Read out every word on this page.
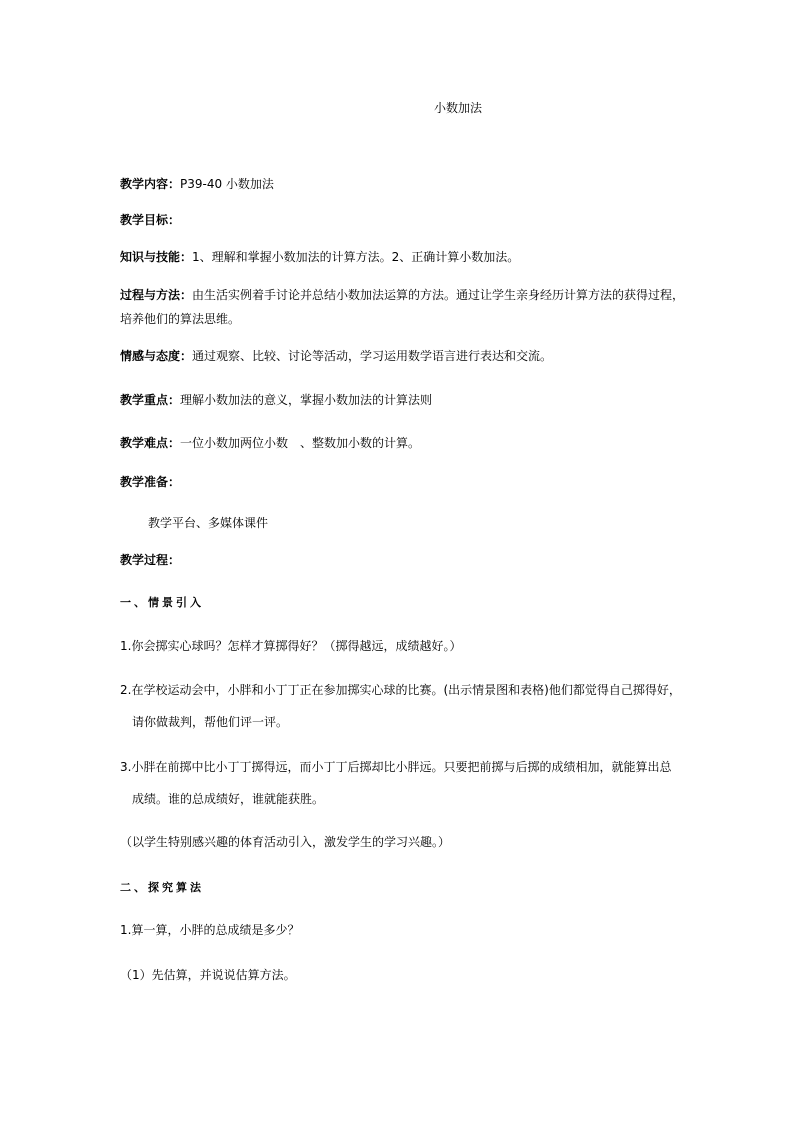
小数加法
教学内容：P39-40 小数加法
教学目标：
知识与技能：1、理解和掌握小数加法的计算方法。2、正确计算小数加法。
过程与方法：由生活实例着手讨论并总结小数加法运算的方法。通过让学生亲身经历计算方法的获得过程，
培养他们的算法思维。
情感与态度：通过观察、比较、讨论等活动，学习运用数学语言进行表达和交流。
教学重点：理解小数加法的意义，掌握小数加法的计算法则
教学难点：一位小数加两位小数　、整数加小数的计算。
教学准备：
教学平台、多媒体课件
教学过程：
一、情景引入
1.你会掷实心球吗？怎样才算掷得好？（掷得越远，成绩越好。）
2.在学校运动会中，小胖和小丁丁正在参加掷实心球的比赛。(出示情景图和表格)他们都觉得自己掷得好，
请你做裁判，帮他们评一评。
3.小胖在前掷中比小丁丁掷得远，而小丁丁后掷却比小胖远。只要把前掷与后掷的成绩相加，就能算出总
成绩。谁的总成绩好，谁就能获胜。
（以学生特别感兴趣的体育活动引入，激发学生的学习兴趣。）
二、探究算法
1.算一算，小胖的总成绩是多少？
（1）先估算，并说说估算方法。
